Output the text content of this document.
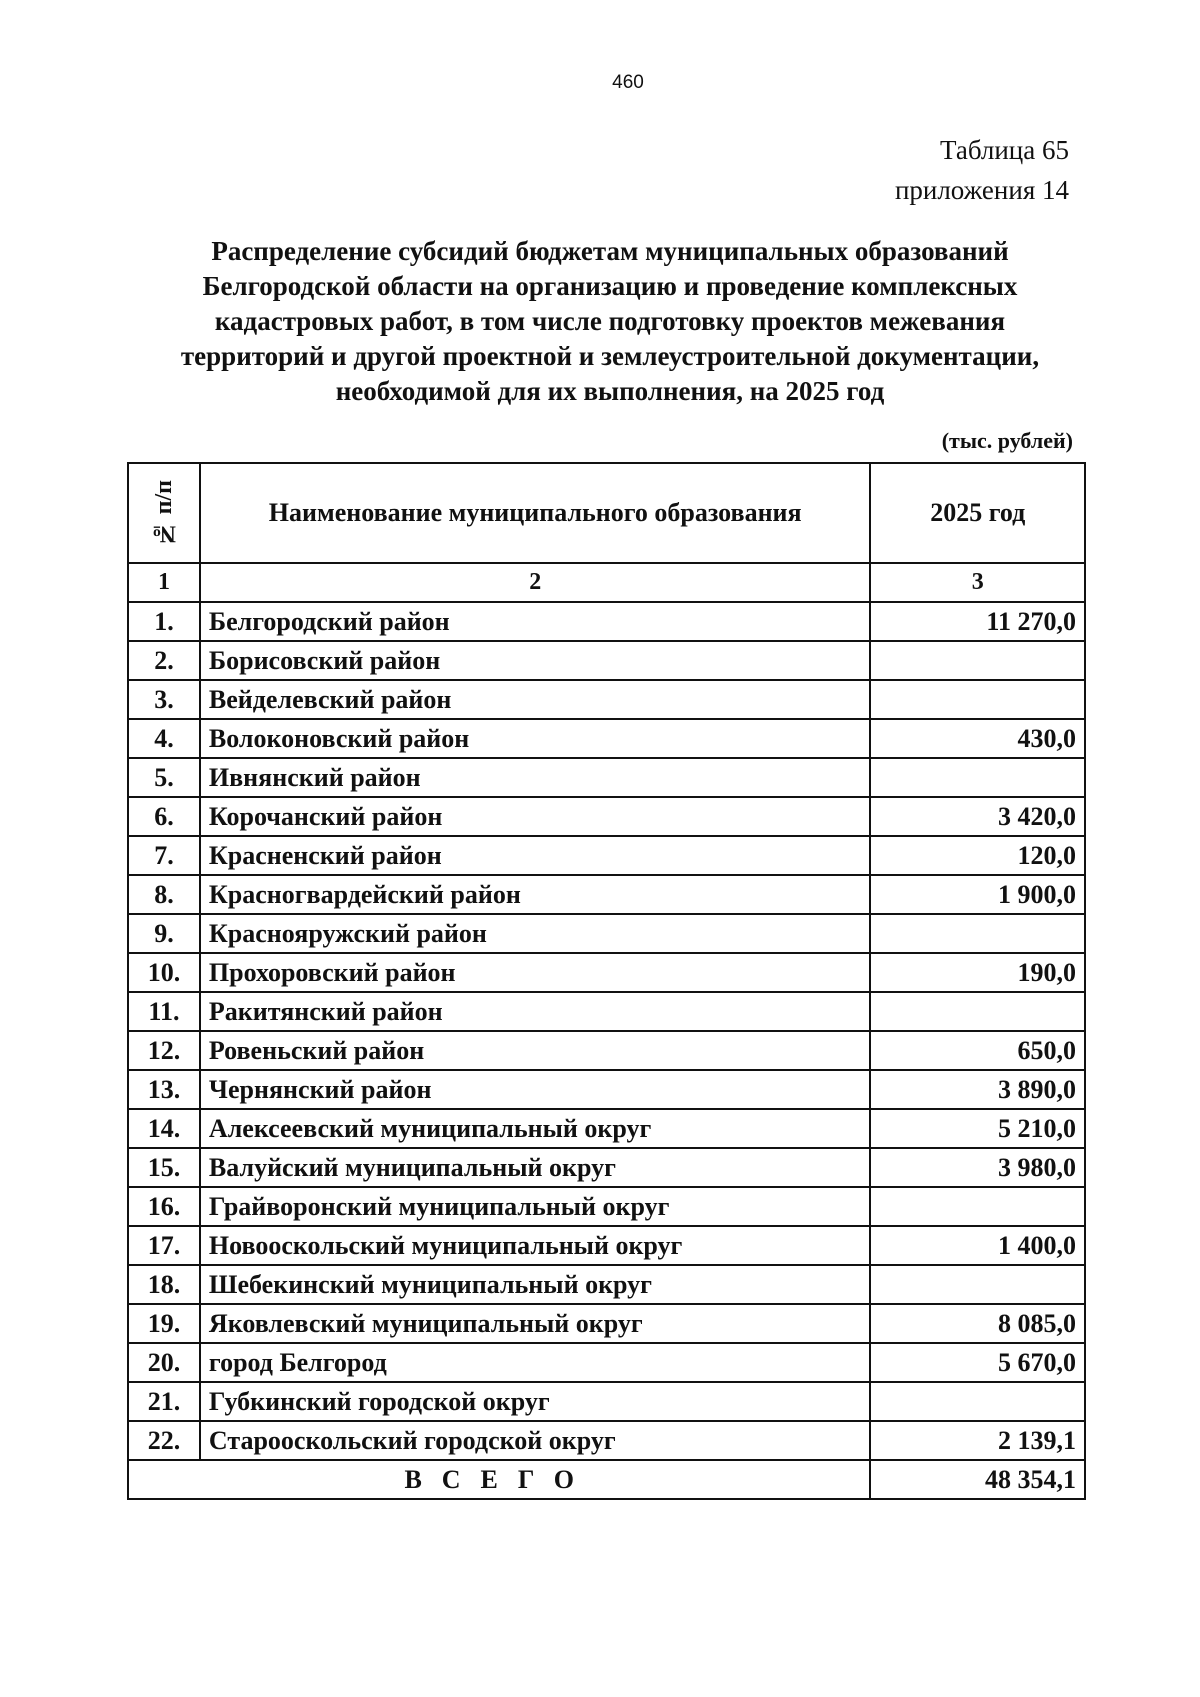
460
Таблица 65
приложения 14
Распределение субсидий бюджетам муниципальных образований
Белгородской области на организацию и проведение комплексных
кадастровых работ, в том числе подготовку проектов межевания
территорий и другой проектной и землеустроительной документации,
необходимой для их выполнения, на 2025 год
(тыс. рублей)
№ п/п	Наименование муниципального образования	2025 год
1	2	3
1.	Белгородский район	11 270,0
2.	Борисовский район	
3.	Вейделевский район	
4.	Волоконовский район	430,0
5.	Ивнянский район	
6.	Корочанский район	3 420,0
7.	Красненский район	120,0
8.	Красногвардейский район	1 900,0
9.	Краснояружский район	
10.	Прохоровский район	190,0
11.	Ракитянский район	
12.	Ровеньский район	650,0
13.	Чернянский район	3 890,0
14.	Алексеевский муниципальный округ	5 210,0
15.	Валуйский муниципальный округ	3 980,0
16.	Грайворонский муниципальный округ	
17.	Новооскольский муниципальный округ	1 400,0
18.	Шебекинский муниципальный округ	
19.	Яковлевский муниципальный округ	8 085,0
20.	город Белгород	5 670,0
21.	Губкинский городской округ	
22.	Старооскольский городской округ	2 139,1
ВСЕГО		48 354,1
